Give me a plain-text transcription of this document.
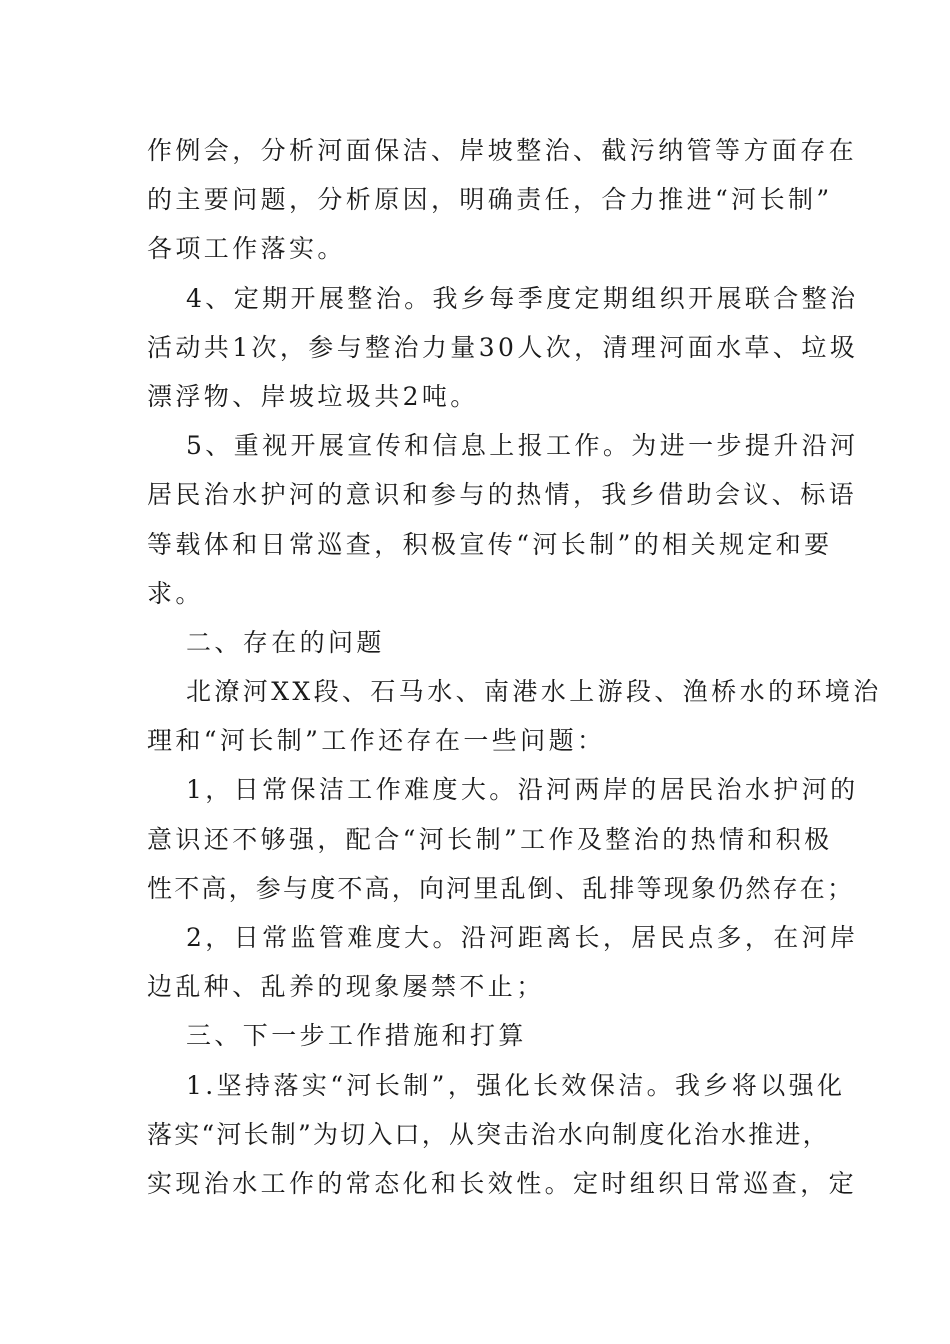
作例会，分析河面保洁、岸坡整治、截污纳管等方面存在
的主要问题，分析原因，明确责任，合力推进“河长制”
各项工作落实。
4、定期开展整治。我乡每季度定期组织开展联合整治
活动共1次，参与整治力量30人次，清理河面水草、垃圾
漂浮物、岸坡垃圾共2吨。
5、重视开展宣传和信息上报工作。为进一步提升沿河
居民治水护河的意识和参与的热情，我乡借助会议、标语
等载体和日常巡查，积极宣传“河长制”的相关规定和要
求。
二、存在的问题
北潦河XX段、石马水、南港水上游段、渔桥水的环境治
理和“河长制”工作还存在一些问题：
1，日常保洁工作难度大。沿河两岸的居民治水护河的
意识还不够强，配合“河长制”工作及整治的热情和积极
性不高，参与度不高，向河里乱倒、乱排等现象仍然存在；
2，日常监管难度大。沿河距离长，居民点多，在河岸
边乱种、乱养的现象屡禁不止；
三、下一步工作措施和打算
1.坚持落实“河长制”，强化长效保洁。我乡将以强化
落实“河长制”为切入口，从突击治水向制度化治水推进，
实现治水工作的常态化和长效性。定时组织日常巡查，定
